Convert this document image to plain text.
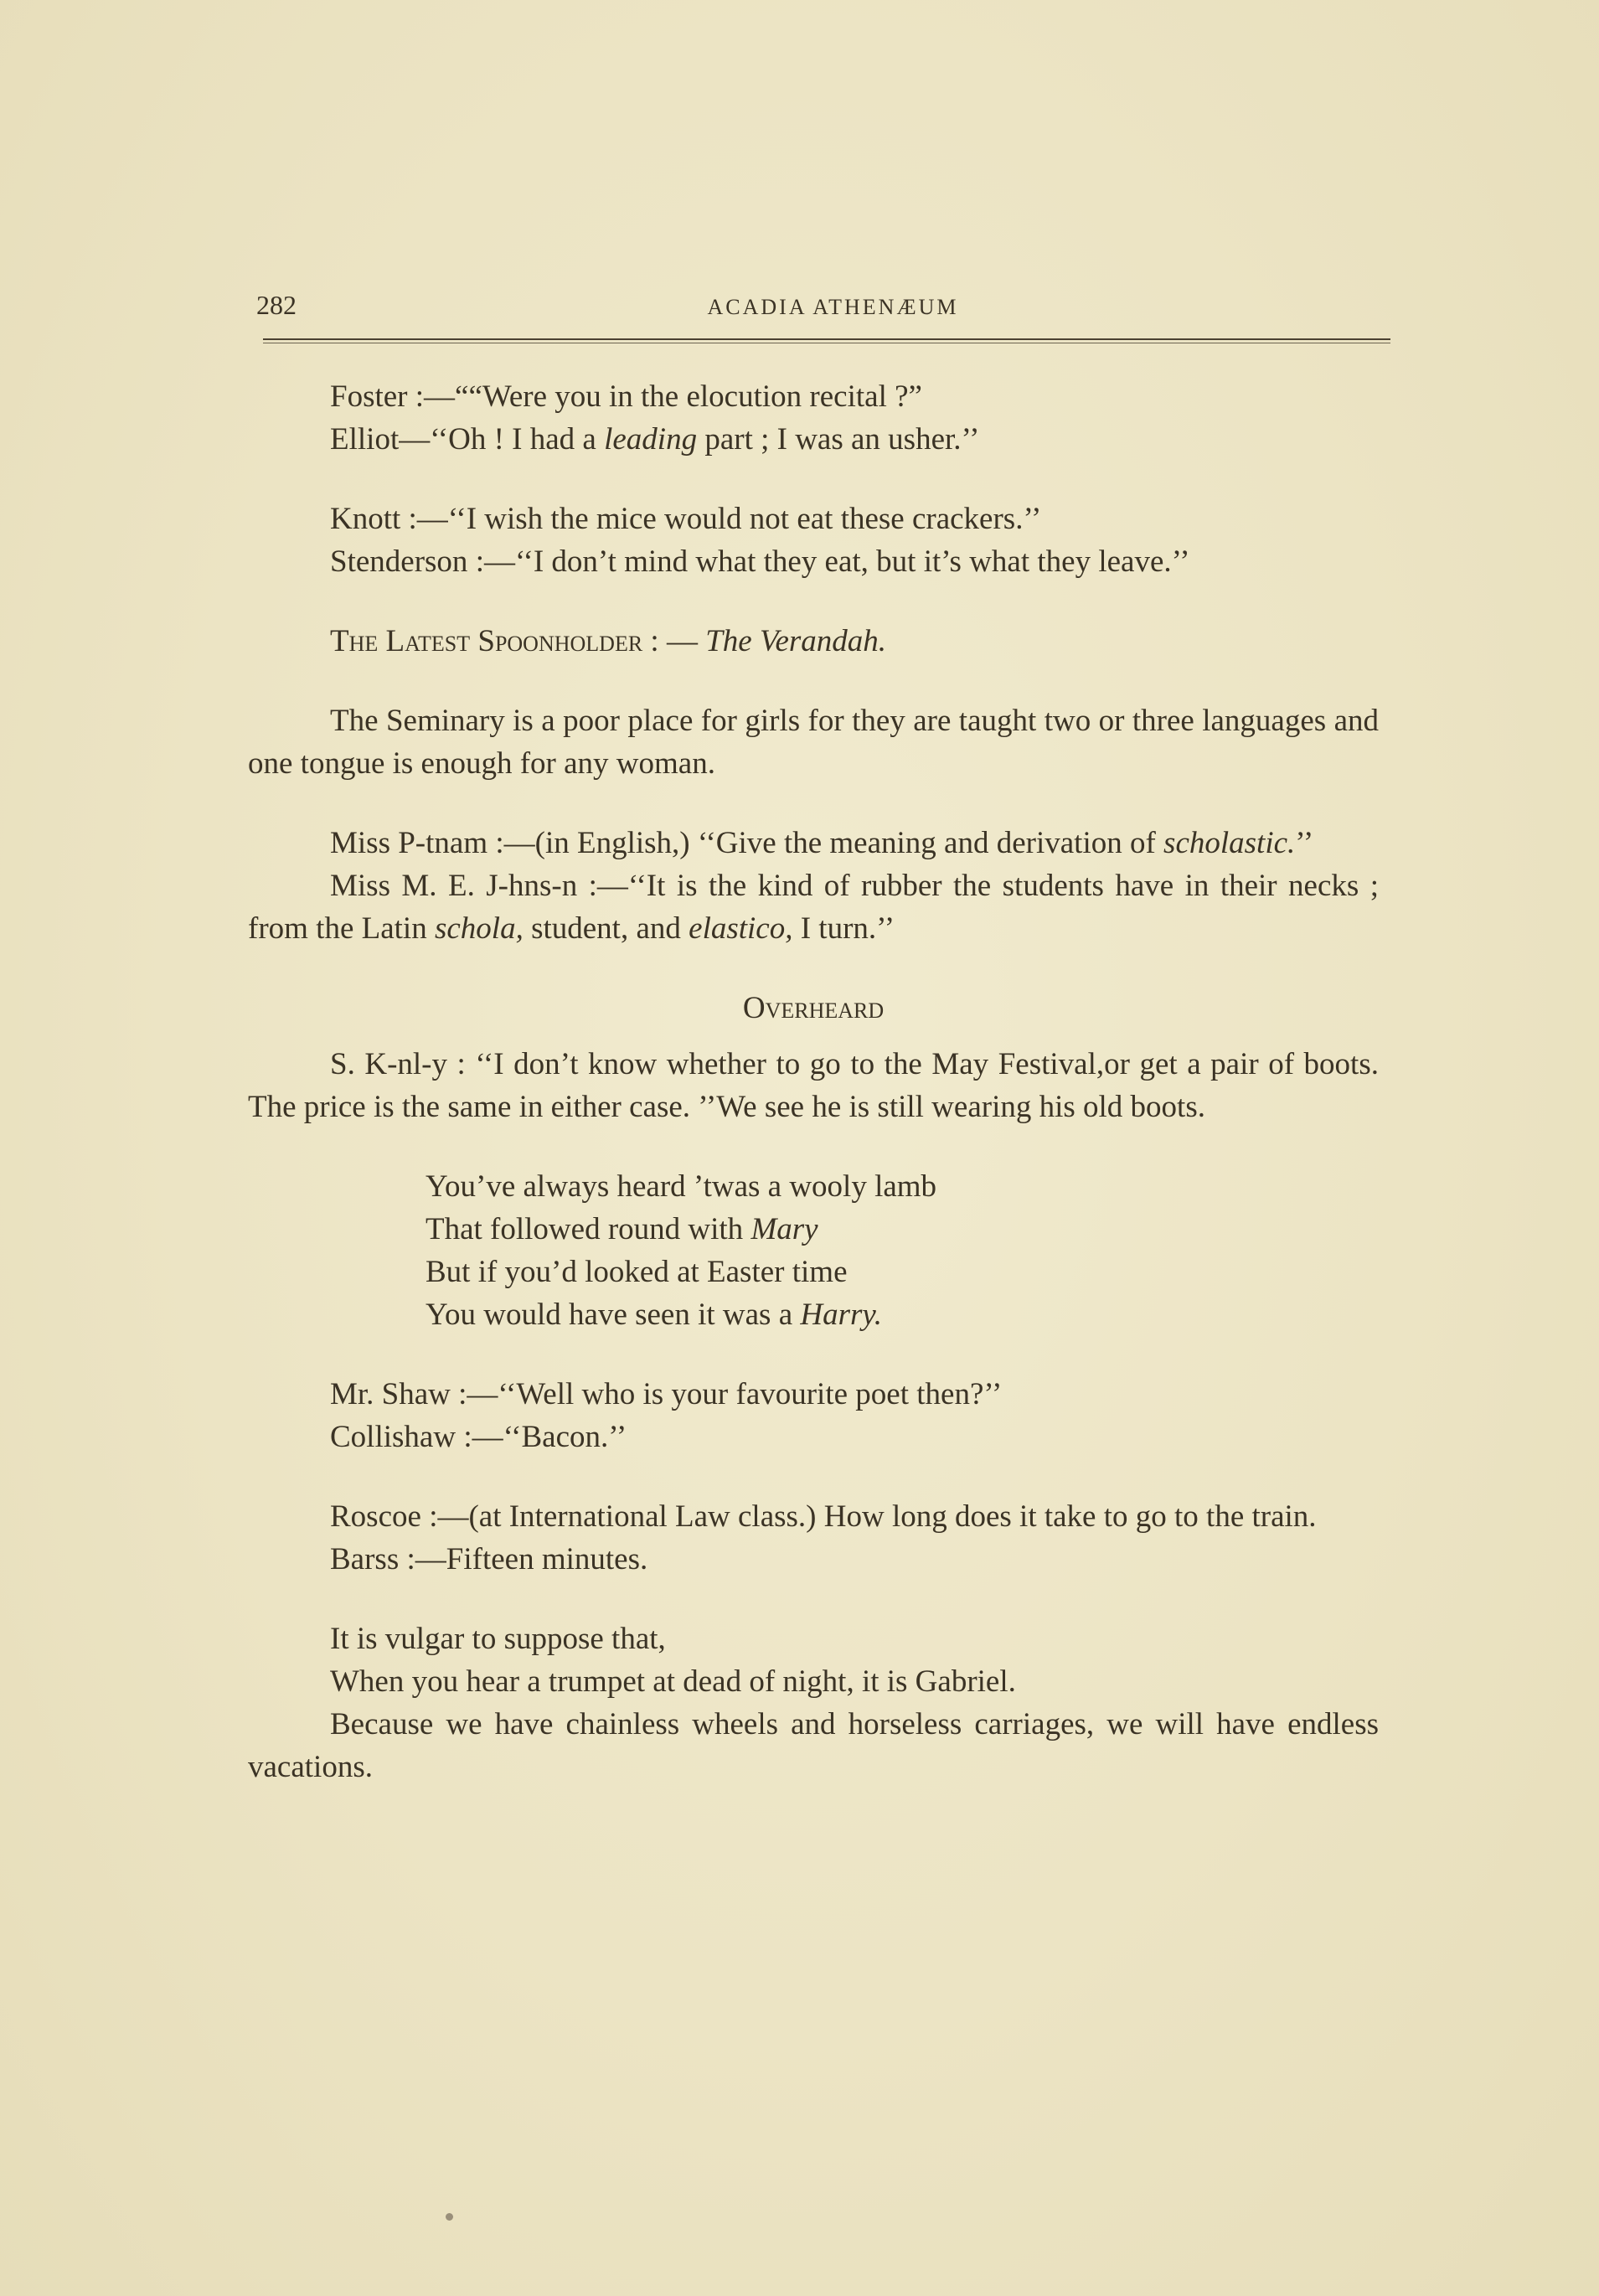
282	ACADIA ATHENÆUM

Foster :—““Were you in the elocution recital ?”

Elliot—‘‘Oh ! I had a leading part ; I was an usher.’’

Knott :—‘‘I wish the mice would not eat these crackers.’’

Stenderson :—‘‘I don’t mind what they eat, but it’s what they leave.’’

The Latest Spoonholder : — The Verandah.

The Seminary is a poor place for girls for they are taught two or three languages and one tongue is enough for any woman.

Miss P-tnam :—(in English,) ‘‘Give the meaning and derivation of scholastic.’’

Miss M. E. J-hns-n :—‘‘It is the kind of rubber the students have in their necks ; from the Latin schola, student, and elastico, I turn.’’

Overheard

S. K-nl-y : ‘‘I don’t know whether to go to the May Festival,or get a pair of boots. The price is the same in either case. ’’We see he is still wearing his old boots.

You’ve always heard ’twas a wooly lamb
That followed round with Mary
But if you’d looked at Easter time
You would have seen it was a Harry.

Mr. Shaw :—‘‘Well who is your favourite poet then?’’

Collishaw :—‘‘Bacon.’’

Roscoe :—(at International Law class.) How long does it take to go to the train.

Barss :—Fifteen minutes.

It is vulgar to suppose that,

When you hear a trumpet at dead of night, it is Gabriel.

Because we have chainless wheels and horseless carriages, we will have endless vacations.
